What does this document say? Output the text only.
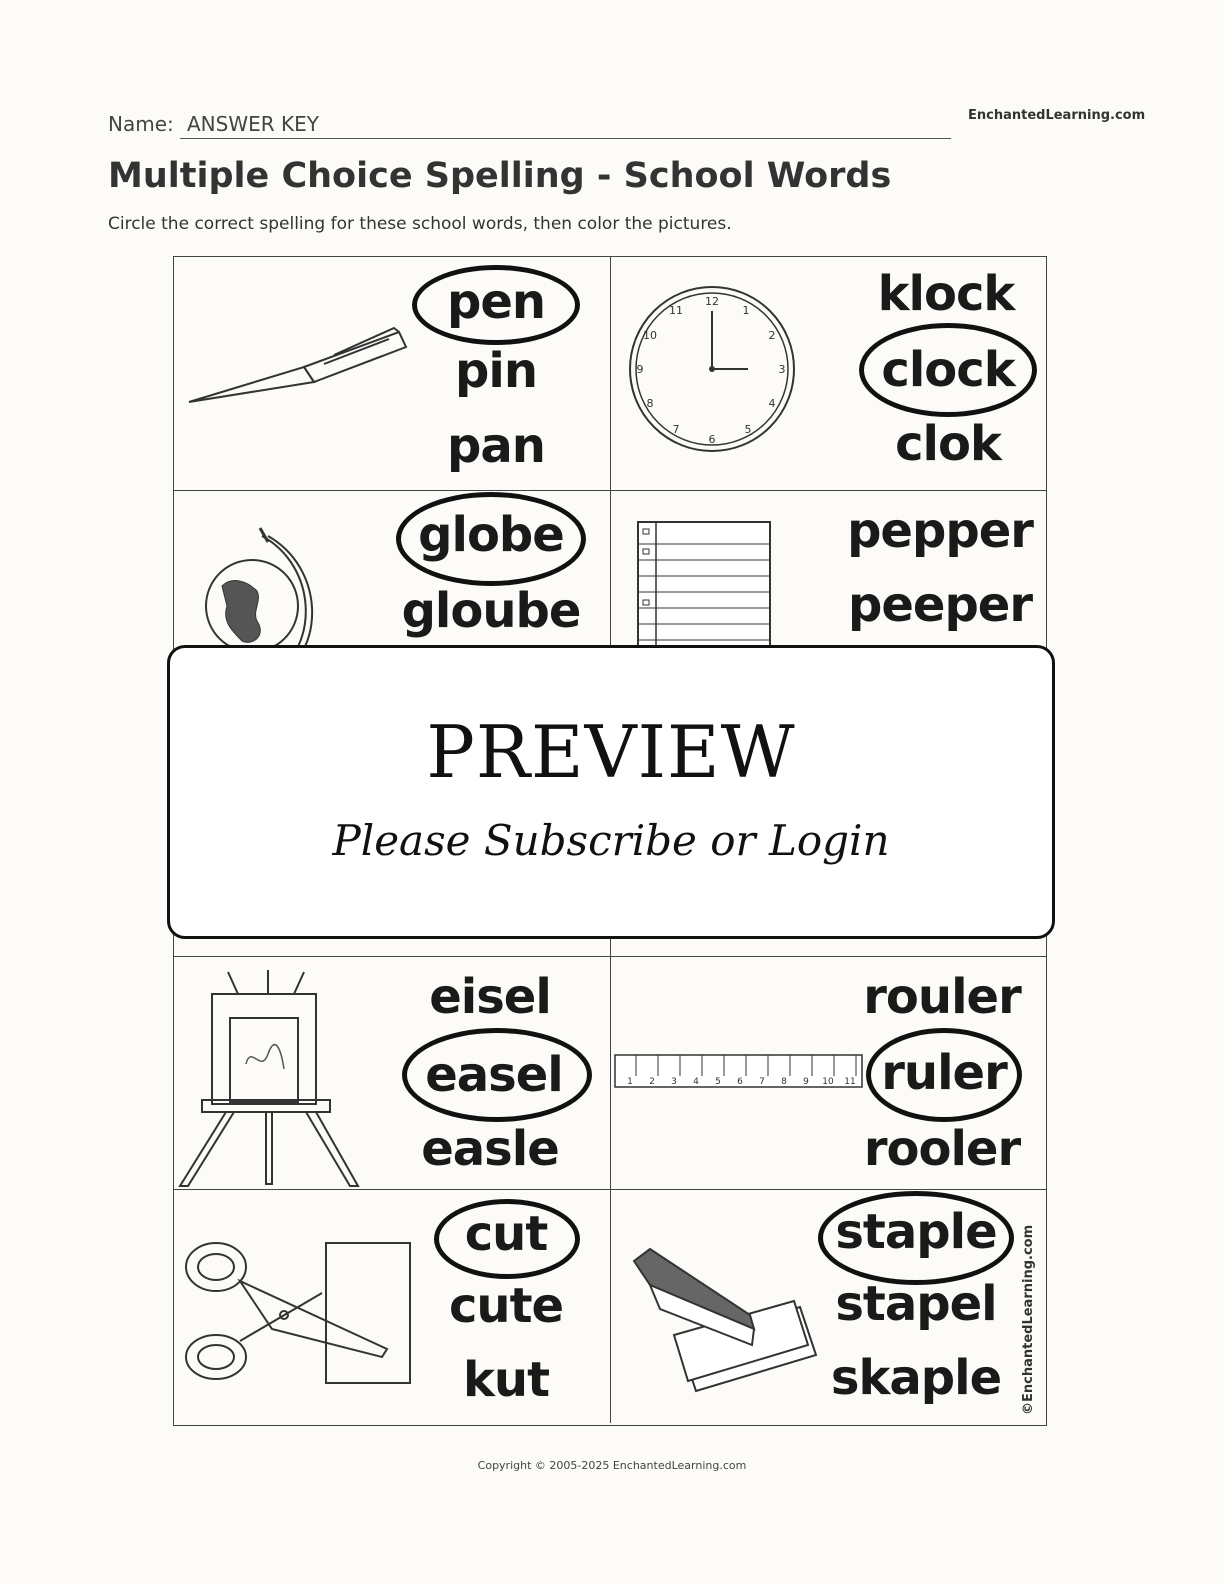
Name: ANSWER KEY	EnchantedLearning.com
Multiple Choice Spelling - School Words
Circle the correct spelling for these school words, then color the pictures.
pen
pin
pan
12
1
2
3
4
5
6
7
8
9
10
11	klock
clock
clok
globe
gloube
pepper
peeper
eisel
easel
easle
1 2 3 4 5 6 7 8 9 10 11
rouler
ruler
rooler
cut
cute
kut
staple
stapel
skaple	©EnchantedLearning.com
PREVIEW
Please Subscribe or Login
Copyright © 2005-2025 EnchantedLearning.com
